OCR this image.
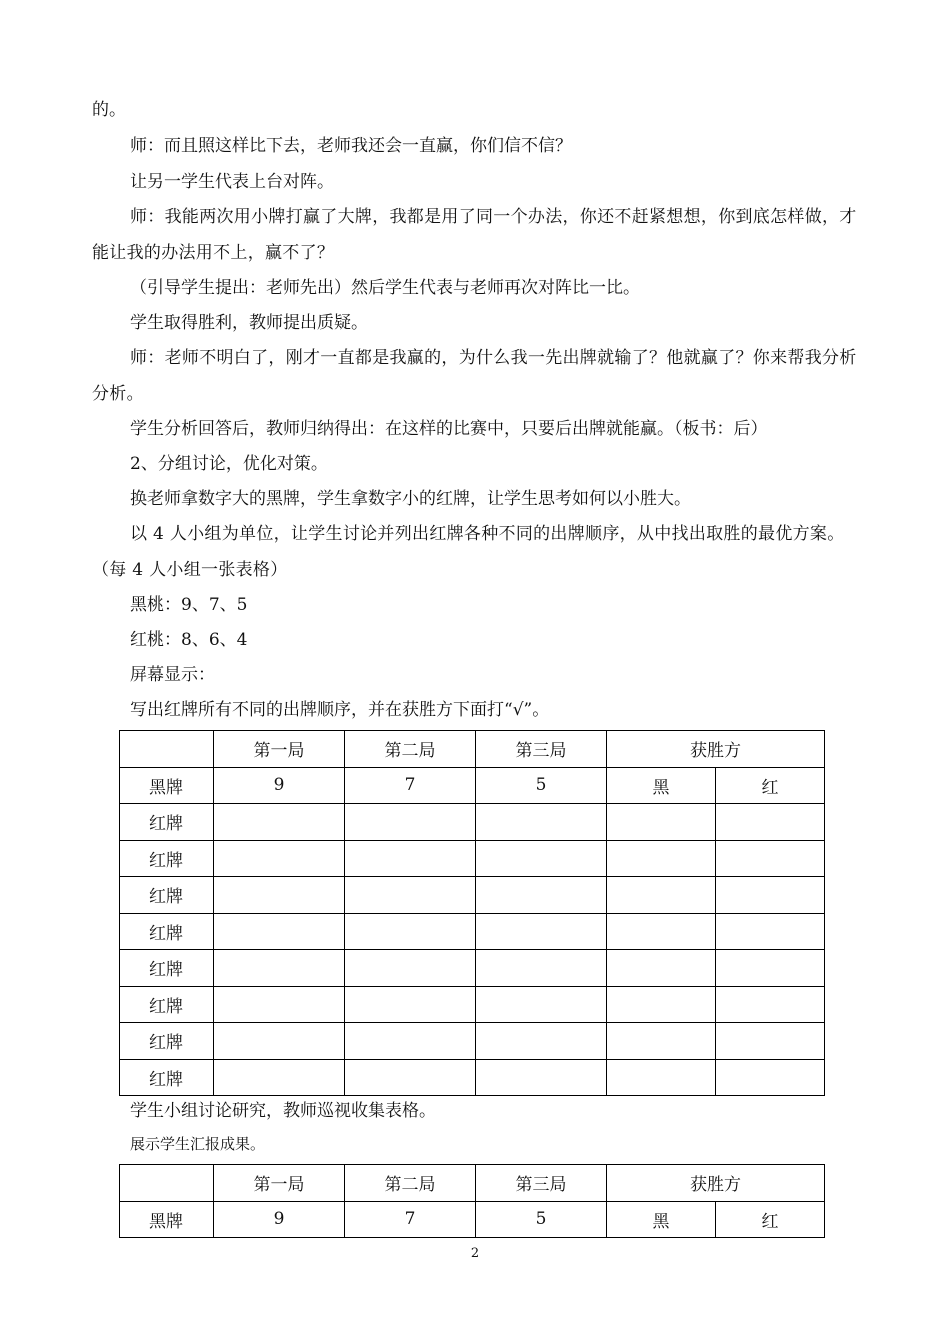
的。
师：而且照这样比下去，老师我还会一直赢，你们信不信？
让另一学生代表上台对阵。
师：我能两次用小牌打赢了大牌，我都是用了同一个办法，你还不赶紧想想，你到底怎样做，才能让我的办法用不上，赢不了？
（引导学生提出：老师先出）然后学生代表与老师再次对阵比一比。
学生取得胜利，教师提出质疑。
师：老师不明白了，刚才一直都是我赢的，为什么我一先出牌就输了？他就赢了？你来帮我分析分析。
学生分析回答后，教师归纳得出：在这样的比赛中，只要后出牌就能赢。（板书：后）
2、分组讨论，优化对策。
换老师拿数字大的黑牌，学生拿数字小的红牌，让学生思考如何以小胜大。
以 4 人小组为单位，让学生讨论并列出红牌各种不同的出牌顺序，从中找出取胜的最优方案。（每 4 人小组一张表格）
黑桃：9、7、5
红桃：8、6、4
屏幕显示：
写出红牌所有不同的出牌顺序，并在获胜方下面打“√”。
	第一局	第二局	第三局	获胜方	
黑牌	9	7	5	黑	红
红牌					
红牌					
红牌					
红牌					
红牌					
红牌					
红牌					
红牌					
学生小组讨论研究，教师巡视收集表格。
展示学生汇报成果。
	第一局	第二局	第三局	获胜方	
黑牌	9	7	5	黑	红
2
